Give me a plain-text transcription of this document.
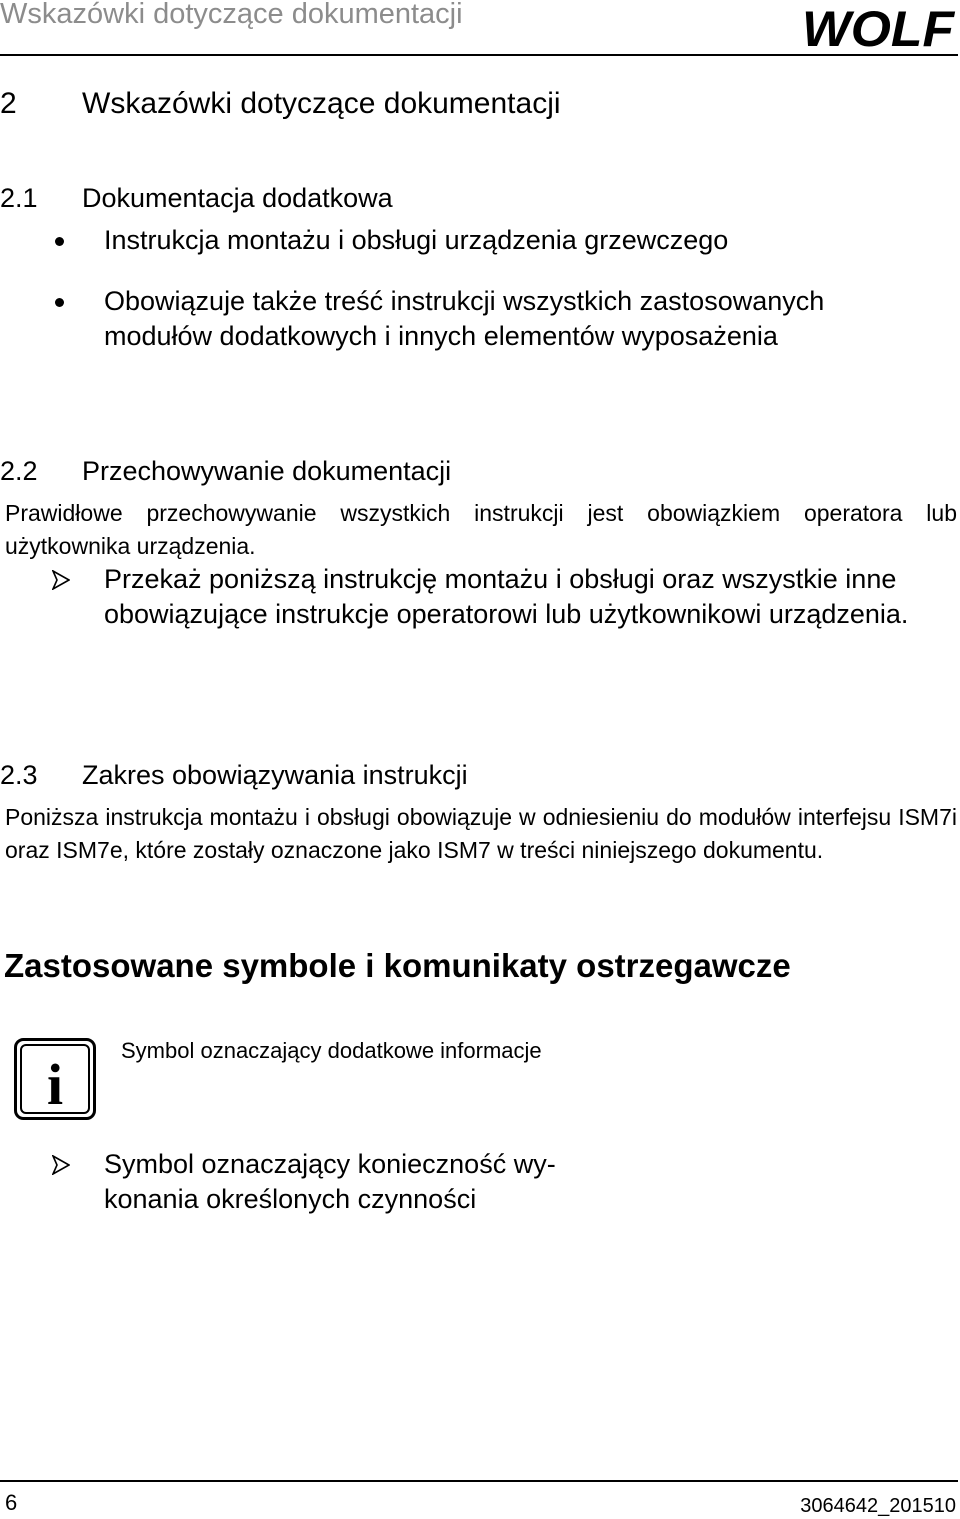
Wskazówki dotyczące dokumentacji	WOLF
2 Wskazówki dotyczące dokumentacji
2.1 Dokumentacja dodatkowa
Instrukcja montażu i obsługi urządzenia grzewczego
Obowiązuje także treść instrukcji wszystkich zastosowanych modułów dodatkowych i innych elementów wyposażenia
2.2 Przechowywanie dokumentacji
Prawidłowe przechowywanie wszystkich instrukcji jest obowiązkiem operatora lub użytkownika urządzenia.
Przekaż poniższą instrukcję montażu i obsługi oraz wszystkie inne obowiązujące instrukcje operatorowi lub użytkownikowi urządzenia.
2.3 Zakres obowiązywania instrukcji
Poniższa instrukcja montażu i obsługi obowiązuje w odniesieniu do modułów interfejsu ISM7i oraz ISM7e, które zostały oznaczone jako ISM7 w treści niniejszego dokumentu.
Zastosowane symbole i komunikaty ostrzegawcze
i
Symbol oznaczający dodatkowe informacje
Symbol oznaczający konieczność wy-konania określonych czynności
6	3064642_201510
